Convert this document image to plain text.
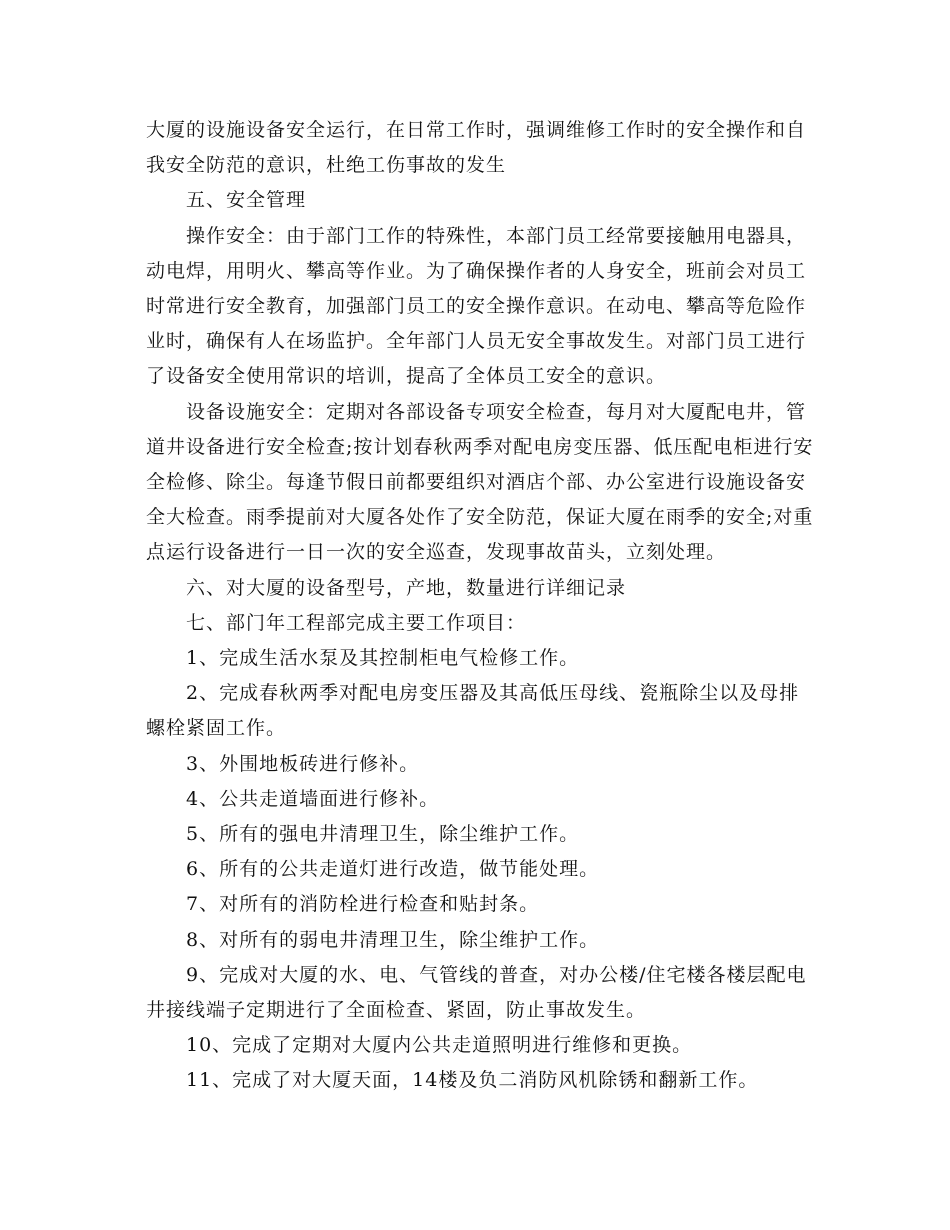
大厦的设施设备安全运行，在日常工作时，强调维修工作时的安全操作和自我安全防范的意识，杜绝工伤事故的发生

五、安全管理

操作安全：由于部门工作的特殊性，本部门员工经常要接触用电器具，动电焊，用明火、攀高等作业。为了确保操作者的人身安全，班前会对员工时常进行安全教育，加强部门员工的安全操作意识。在动电、攀高等危险作业时，确保有人在场监护。全年部门人员无安全事故发生。对部门员工进行了设备安全使用常识的培训，提高了全体员工安全的意识。

设备设施安全：定期对各部设备专项安全检查，每月对大厦配电井，管道井设备进行安全检查;按计划春秋两季对配电房变压器、低压配电柜进行安全检修、除尘。每逢节假日前都要组织对酒店个部、办公室进行设施设备安全大检查。雨季提前对大厦各处作了安全防范，保证大厦在雨季的安全;对重点运行设备进行一日一次的安全巡查，发现事故苗头，立刻处理。

六、对大厦的设备型号，产地，数量进行详细记录

七、部门年工程部完成主要工作项目：

1、完成生活水泵及其控制柜电气检修工作。

2、完成春秋两季对配电房变压器及其高低压母线、瓷瓶除尘以及母排螺栓紧固工作。

3、外围地板砖进行修补。

4、公共走道墙面进行修补。

5、所有的强电井清理卫生，除尘维护工作。

6、所有的公共走道灯进行改造，做节能处理。

7、对所有的消防栓进行检查和贴封条。

8、对所有的弱电井清理卫生，除尘维护工作。

9、完成对大厦的水、电、气管线的普查，对办公楼/住宅楼各楼层配电井接线端子定期进行了全面检查、紧固，防止事故发生。

10、完成了定期对大厦内公共走道照明进行维修和更换。

11、完成了对大厦天面，14楼及负二消防风机除锈和翻新工作。
